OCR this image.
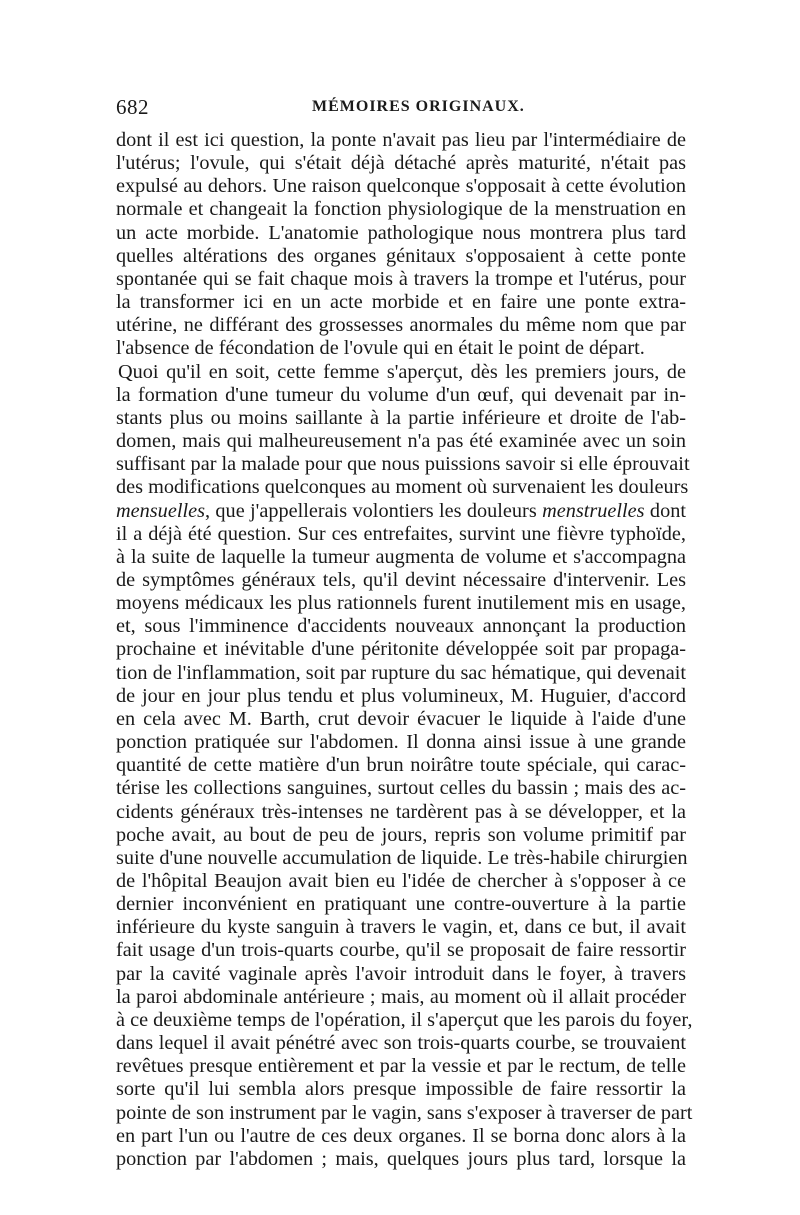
682	MÉMOIRES ORIGINAUX.
dont il est ici question, la ponte n'avait pas lieu par l'intermédiaire de
l'utérus; l'ovule, qui s'était déjà détaché après maturité, n'était pas
expulsé au dehors. Une raison quelconque s'opposait à cette évolution
normale et changeait la fonction physiologique de la menstruation en
un acte morbide. L'anatomie pathologique nous montrera plus tard
quelles altérations des organes génitaux s'opposaient à cette ponte
spontanée qui se fait chaque mois à travers la trompe et l'utérus, pour
la transformer ici en un acte morbide et en faire une ponte extra-
utérine, ne différant des grossesses anormales du même nom que par
l'absence de fécondation de l'ovule qui en était le point de départ.
Quoi qu'il en soit, cette femme s'aperçut, dès les premiers jours, de
la formation d'une tumeur du volume d'un œuf, qui devenait par in-
stants plus ou moins saillante à la partie inférieure et droite de l'ab-
domen, mais qui malheureusement n'a pas été examinée avec un soin
suffisant par la malade pour que nous puissions savoir si elle éprouvait
des modifications quelconques au moment où survenaient les douleurs
mensuelles, que j'appellerais volontiers les douleurs menstruelles dont
il a déjà été question. Sur ces entrefaites, survint une fièvre typhoïde,
à la suite de laquelle la tumeur augmenta de volume et s'accompagna
de symptômes généraux tels, qu'il devint nécessaire d'intervenir. Les
moyens médicaux les plus rationnels furent inutilement mis en usage,
et, sous l'imminence d'accidents nouveaux annonçant la production
prochaine et inévitable d'une péritonite développée soit par propaga-
tion de l'inflammation, soit par rupture du sac hématique, qui devenait
de jour en jour plus tendu et plus volumineux, M. Huguier, d'accord
en cela avec M. Barth, crut devoir évacuer le liquide à l'aide d'une
ponction pratiquée sur l'abdomen. Il donna ainsi issue à une grande
quantité de cette matière d'un brun noirâtre toute spéciale, qui carac-
térise les collections sanguines, surtout celles du bassin ; mais des ac-
cidents généraux très-intenses ne tardèrent pas à se développer, et la
poche avait, au bout de peu de jours, repris son volume primitif par
suite d'une nouvelle accumulation de liquide. Le très-habile chirurgien
de l'hôpital Beaujon avait bien eu l'idée de chercher à s'opposer à ce
dernier inconvénient en pratiquant une contre-ouverture à la partie
inférieure du kyste sanguin à travers le vagin, et, dans ce but, il avait
fait usage d'un trois-quarts courbe, qu'il se proposait de faire ressortir
par la cavité vaginale après l'avoir introduit dans le foyer, à travers
la paroi abdominale antérieure ; mais, au moment où il allait procéder
à ce deuxième temps de l'opération, il s'aperçut que les parois du foyer,
dans lequel il avait pénétré avec son trois-quarts courbe, se trouvaient
revêtues presque entièrement et par la vessie et par le rectum, de telle
sorte qu'il lui sembla alors presque impossible de faire ressortir la
pointe de son instrument par le vagin, sans s'exposer à traverser de part
en part l'un ou l'autre de ces deux organes. Il se borna donc alors à la
ponction par l'abdomen ; mais, quelques jours plus tard, lorsque la
